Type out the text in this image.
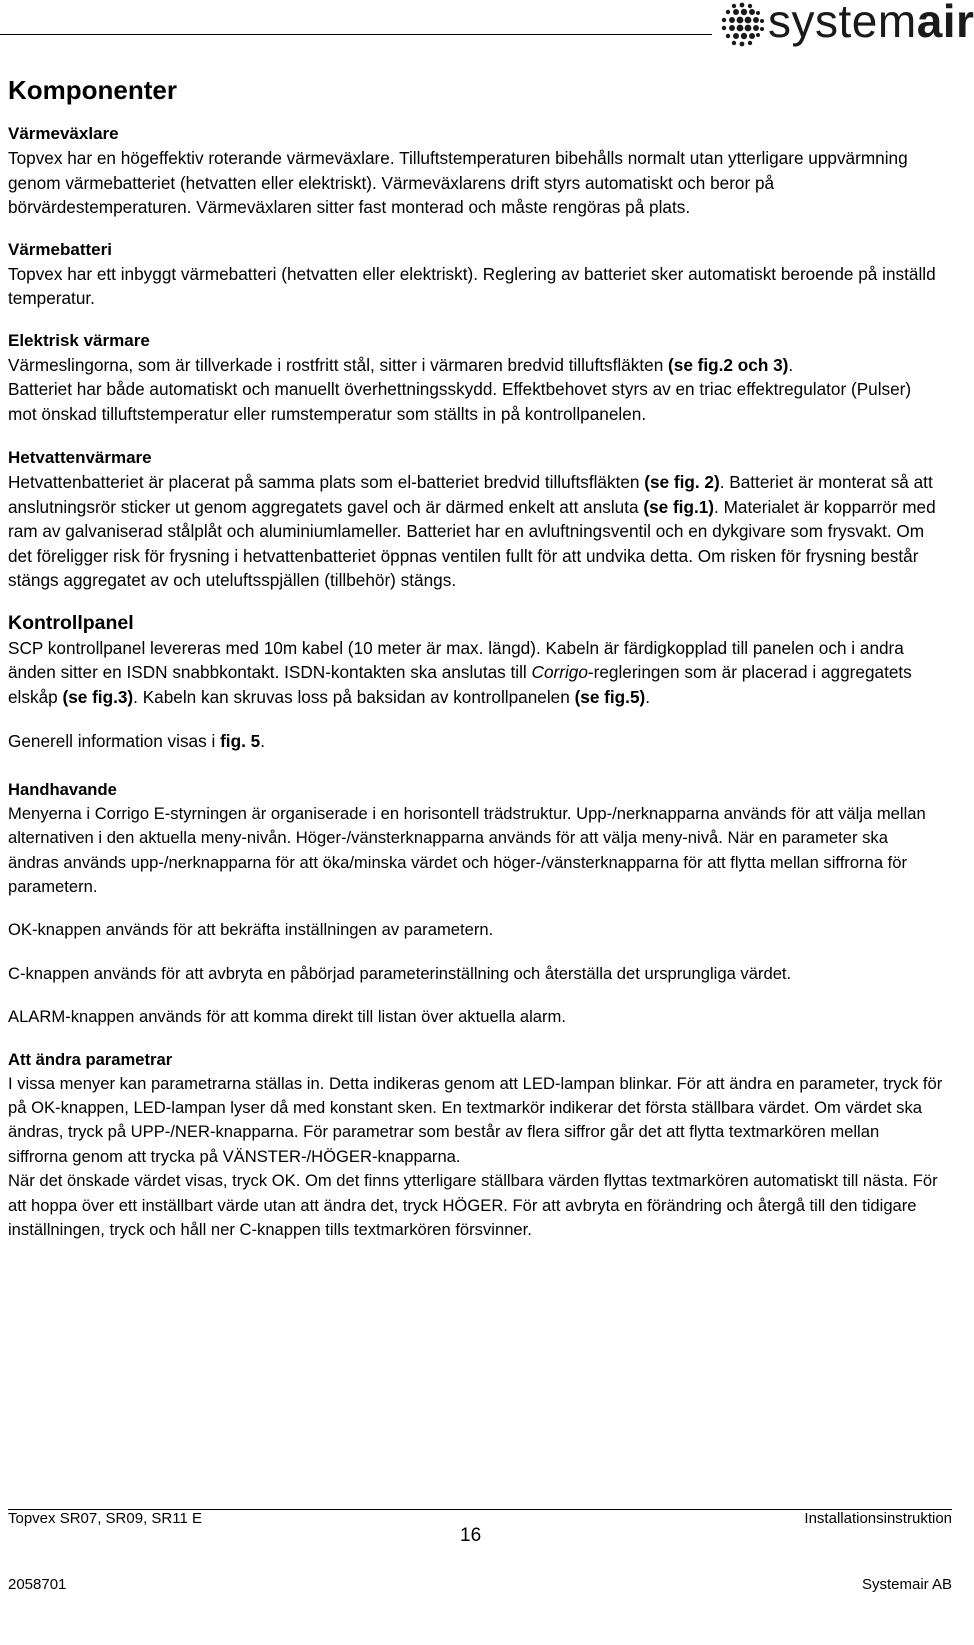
systemair
Komponenter
Värmeväxlare

Topvex har en högeffektiv roterande värmeväxlare. Tilluftstemperaturen bibehålls normalt utan ytterligare uppvärmning genom värmebatteriet (hetvatten eller elektriskt). Värmeväxlarens drift styrs automatiskt och beror på börvärdestemperaturen. Värmeväxlaren sitter fast monterad och måste rengöras på plats.

Värmebatteri

Topvex har ett inbyggt värmebatteri (hetvatten eller elektriskt). Reglering av batteriet sker automatiskt beroende på inställd temperatur.

Elektrisk värmare

Värmeslingorna, som är tillverkade i rostfritt stål, sitter i värmaren bredvid tilluftsfläkten (se fig.2 och 3).

Batteriet har både automatiskt och manuellt överhettningsskydd. Effektbehovet styrs av en triac effektregulator (Pulser) mot önskad tilluftstemperatur eller rumstemperatur som ställts in på kontrollpanelen.

Hetvattenvärmare

Hetvattenbatteriet är placerat på samma plats som el-batteriet bredvid tilluftsfläkten (se fig. 2). Batteriet är monterat så att anslutningsrör sticker ut genom aggregatets gavel och är därmed enkelt att ansluta (se fig.1). Materialet är kopparrör med ram av galvaniserad stålplåt och aluminiumlameller. Batteriet har en avluftningsventil och en dykgivare som frysvakt. Om det föreligger risk för frysning i hetvattenbatteriet öppnas ventilen fullt för att undvika detta. Om risken för frysning består stängs aggregatet av och uteluftsspjällen (tillbehör) stängs.

Kontrollpanel

SCP kontrollpanel levereras med 10m kabel (10 meter är max. längd). Kabeln är färdigkopplad till panelen och i andra änden sitter en ISDN snabbkontakt. ISDN-kontakten ska anslutas till Corrigo-regleringen som är placerad i aggregatets elskåp (se fig.3). Kabeln kan skruvas loss på baksidan av kontrollpanelen (se fig.5).

Generell information visas i fig. 5.

Handhavande

Menyerna i Corrigo E-styrningen är organiserade i en horisontell trädstruktur. Upp-/nerknapparna används för att välja mellan alternativen i den aktuella meny-nivån. Höger-/vänsterknapparna används för att välja meny-nivå. När en parameter ska ändras används upp-/nerknapparna för att öka/minska värdet och höger-/vänsterknapparna för att flytta mellan siffrorna för parametern.

OK-knappen används för att bekräfta inställningen av parametern.

C-knappen används för att avbryta en påbörjad parameterinställning och återställa det ursprungliga värdet.

ALARM-knappen används för att komma direkt till listan över aktuella alarm.

Att ändra parametrar

I vissa menyer kan parametrarna ställas in. Detta indikeras genom att LED-lampan blinkar. För att ändra en parameter, tryck för på OK-knappen, LED-lampan lyser då med konstant sken. En textmarkör indikerar det första ställbara värdet. Om värdet ska ändras, tryck på UPP-/NER-knapparna. För parametrar som består av flera siffror går det att flytta textmarkören mellan siffrorna genom att trycka på VÄNSTER-/HÖGER-knapparna.

När det önskade värdet visas, tryck OK. Om det finns ytterligare ställbara värden flyttas textmarkören automatiskt till nästa. För att hoppa över ett inställbart värde utan att ändra det, tryck HÖGER. För att avbryta en förändring och återgå till den tidigare inställningen, tryck och håll ner C-knappen tills textmarkören försvinner.

Topvex SR07, SR09, SR11 E	Installationsinstruktion
16
2058701	Systemair AB
